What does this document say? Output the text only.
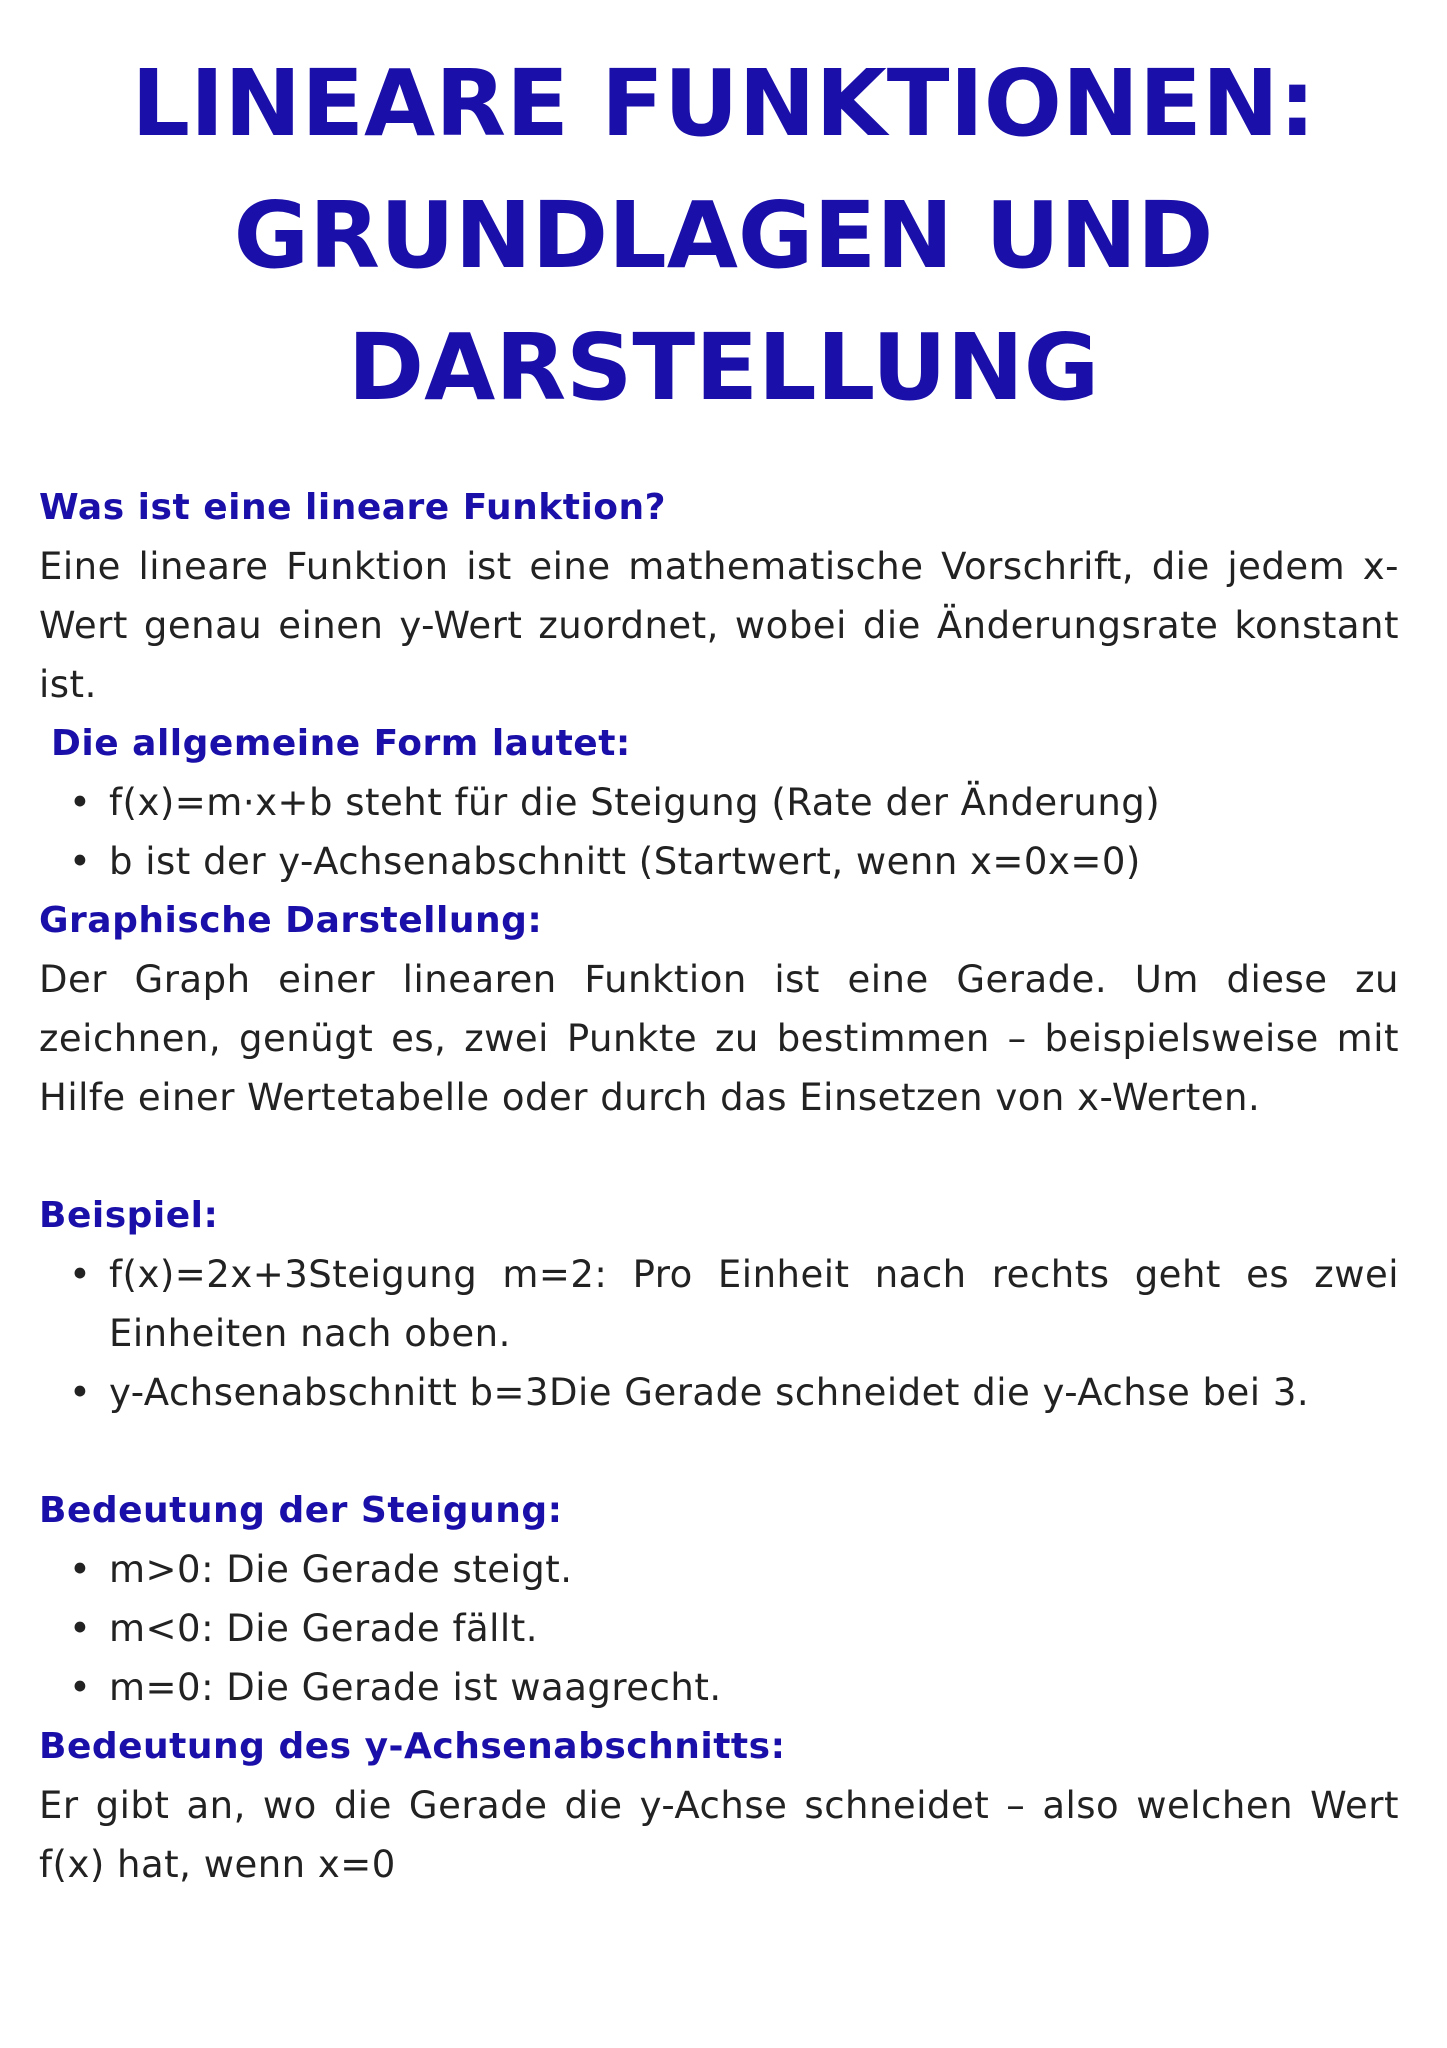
LINEARE FUNKTIONEN:
GRUNDLAGEN UND
DARSTELLUNG

Was ist eine lineare Funktion?

Eine lineare Funktion ist eine mathematische Vorschrift, die jedem x-Wert genau einen y-Wert zuordnet, wobei die Änderungsrate konstant ist.

Die allgemeine Form lautet:

• f(x)=m·x+b steht für die Steigung (Rate der Änderung)
• b ist der y-Achsenabschnitt (Startwert, wenn x=0x=0)

Graphische Darstellung:

Der Graph einer linearen Funktion ist eine Gerade. Um diese zu zeichnen, genügt es, zwei Punkte zu bestimmen – beispielsweise mit Hilfe einer Wertetabelle oder durch das Einsetzen von x-Werten.

Beispiel:

• f(x)=2x+3Steigung m=2: Pro Einheit nach rechts geht es zwei Einheiten nach oben.
• y-Achsenabschnitt b=3Die Gerade schneidet die y-Achse bei 3.

Bedeutung der Steigung:

• m>0: Die Gerade steigt.
• m<0: Die Gerade fällt.
• m=0: Die Gerade ist waagrecht.

Bedeutung des y-Achsenabschnitts:

Er gibt an, wo die Gerade die y-Achse schneidet – also welchen Wert f(x) hat, wenn x=0
